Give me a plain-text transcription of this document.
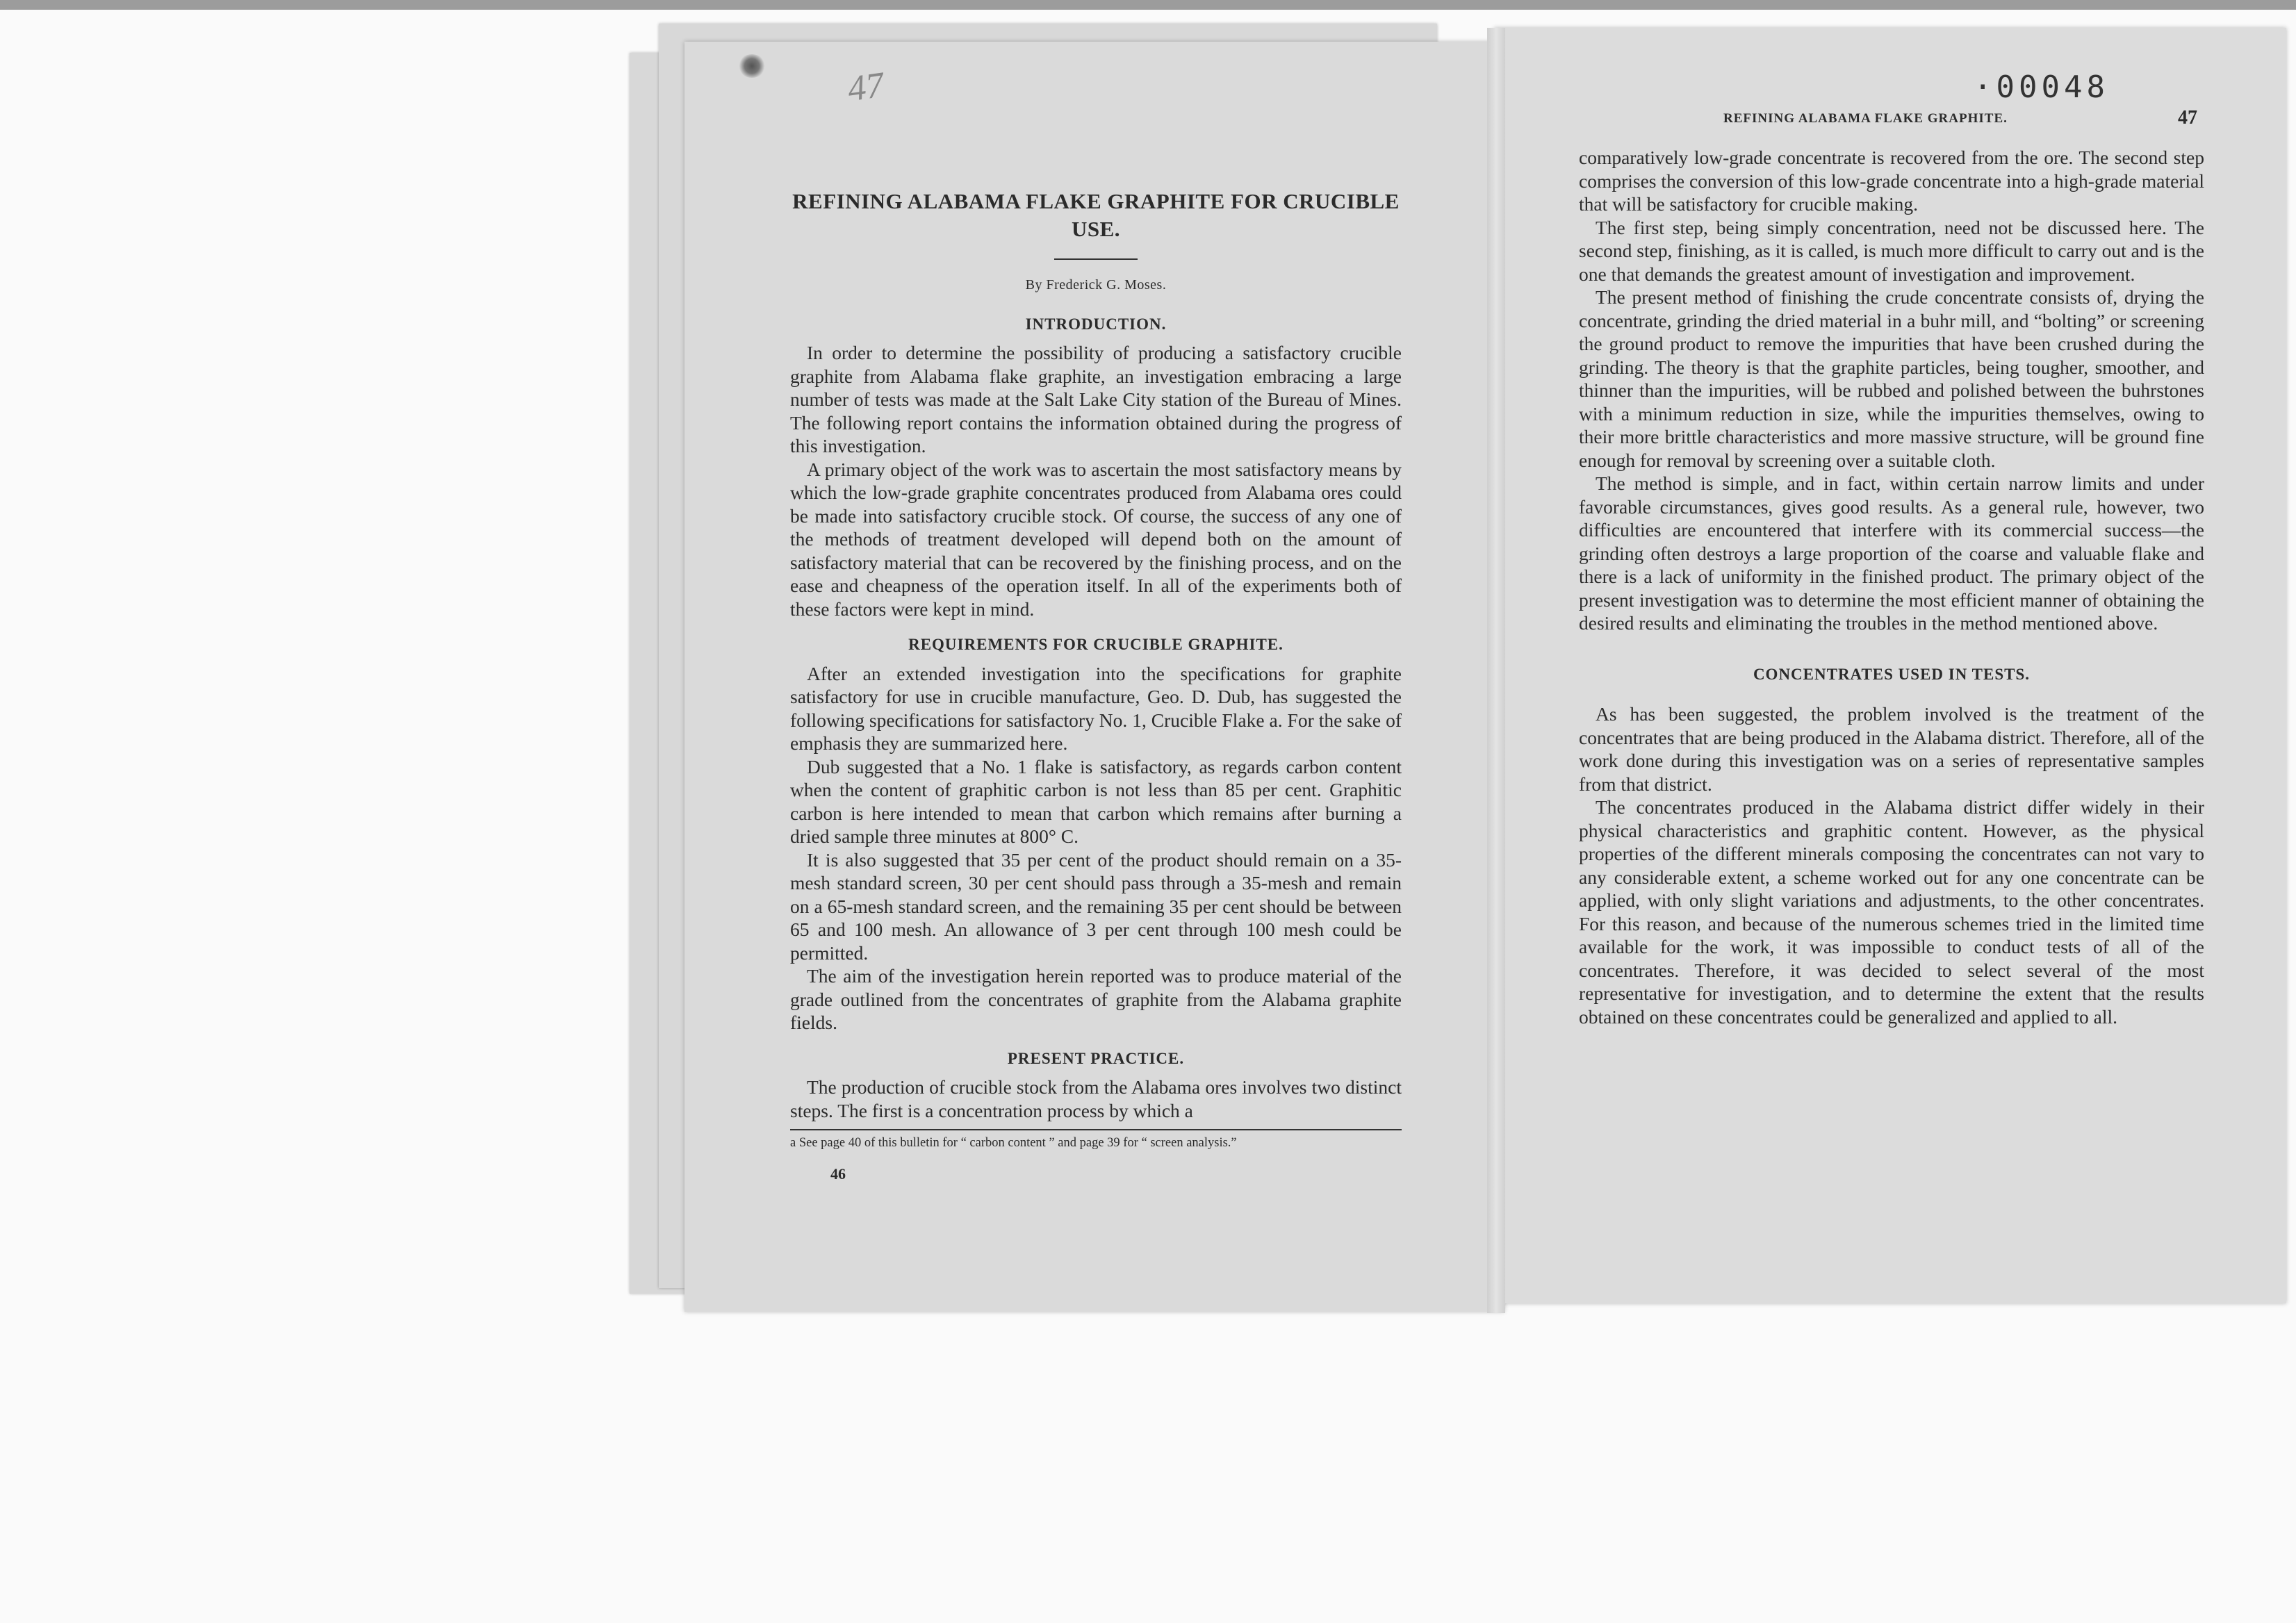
47	·00048
REFINING ALABAMA FLAKE GRAPHITE FOR CRUCIBLE USE.
By Frederick G. Moses.
INTRODUCTION.

In order to determine the possibility of producing a satisfactory crucible graphite from Alabama flake graphite, an investigation embracing a large number of tests was made at the Salt Lake City station of the Bureau of Mines. The following report contains the information obtained during the progress of this investigation.

A primary object of the work was to ascertain the most satisfactory means by which the low-grade graphite concentrates produced from Alabama ores could be made into satisfactory crucible stock. Of course, the success of any one of the methods of treatment developed will depend both on the amount of satisfactory material that can be recovered by the finishing process, and on the ease and cheapness of the operation itself. In all of the experiments both of these factors were kept in mind.

REQUIREMENTS FOR CRUCIBLE GRAPHITE.

After an extended investigation into the specifications for graphite satisfactory for use in crucible manufacture, Geo. D. Dub, has suggested the following specifications for satisfactory No. 1, Crucible Flake a. For the sake of emphasis they are summarized here.

Dub suggested that a No. 1 flake is satisfactory, as regards carbon content when the content of graphitic carbon is not less than 85 per cent. Graphitic carbon is here intended to mean that carbon which remains after burning a dried sample three minutes at 800° C.

It is also suggested that 35 per cent of the product should remain on a 35-mesh standard screen, 30 per cent should pass through a 35-mesh and remain on a 65-mesh standard screen, and the remaining 35 per cent should be between 65 and 100 mesh. An allowance of 3 per cent through 100 mesh could be permitted.

The aim of the investigation herein reported was to produce material of the grade outlined from the concentrates of graphite from the Alabama graphite fields.

PRESENT PRACTICE.

The production of crucible stock from the Alabama ores involves two distinct steps. The first is a concentration process by which a

a See page 40 of this bulletin for “ carbon content ” and page 39 for “ screen analysis.”
46
REFINING ALABAMA FLAKE GRAPHITE.	47

comparatively low-grade concentrate is recovered from the ore. The second step comprises the conversion of this low-grade concentrate into a high-grade material that will be satisfactory for crucible making.

The first step, being simply concentration, need not be discussed here. The second step, finishing, as it is called, is much more difficult to carry out and is the one that demands the greatest amount of investigation and improvement.

The present method of finishing the crude concentrate consists of, drying the concentrate, grinding the dried material in a buhr mill, and “bolting” or screening the ground product to remove the impurities that have been crushed during the grinding. The theory is that the graphite particles, being tougher, smoother, and thinner than the impurities, will be rubbed and polished between the buhrstones with a minimum reduction in size, while the impurities themselves, owing to their more brittle characteristics and more massive structure, will be ground fine enough for removal by screening over a suitable cloth.

The method is simple, and in fact, within certain narrow limits and under favorable circumstances, gives good results. As a general rule, however, two difficulties are encountered that interfere with its commercial success—the grinding often destroys a large proportion of the coarse and valuable flake and there is a lack of uniformity in the finished product. The primary object of the present investigation was to determine the most efficient manner of obtaining the desired results and eliminating the troubles in the method mentioned above.

CONCENTRATES USED IN TESTS.

As has been suggested, the problem involved is the treatment of the concentrates that are being produced in the Alabama district. Therefore, all of the work done during this investigation was on a series of representative samples from that district.

The concentrates produced in the Alabama district differ widely in their physical characteristics and graphitic content. However, as the physical properties of the different minerals composing the concentrates can not vary to any considerable extent, a scheme worked out for any one concentrate can be applied, with only slight variations and adjustments, to the other concentrates. For this reason, and because of the numerous schemes tried in the limited time available for the work, it was impossible to conduct tests of all of the concentrates. Therefore, it was decided to select several of the most representative for investigation, and to determine the extent that the results obtained on these concentrates could be generalized and applied to all.
